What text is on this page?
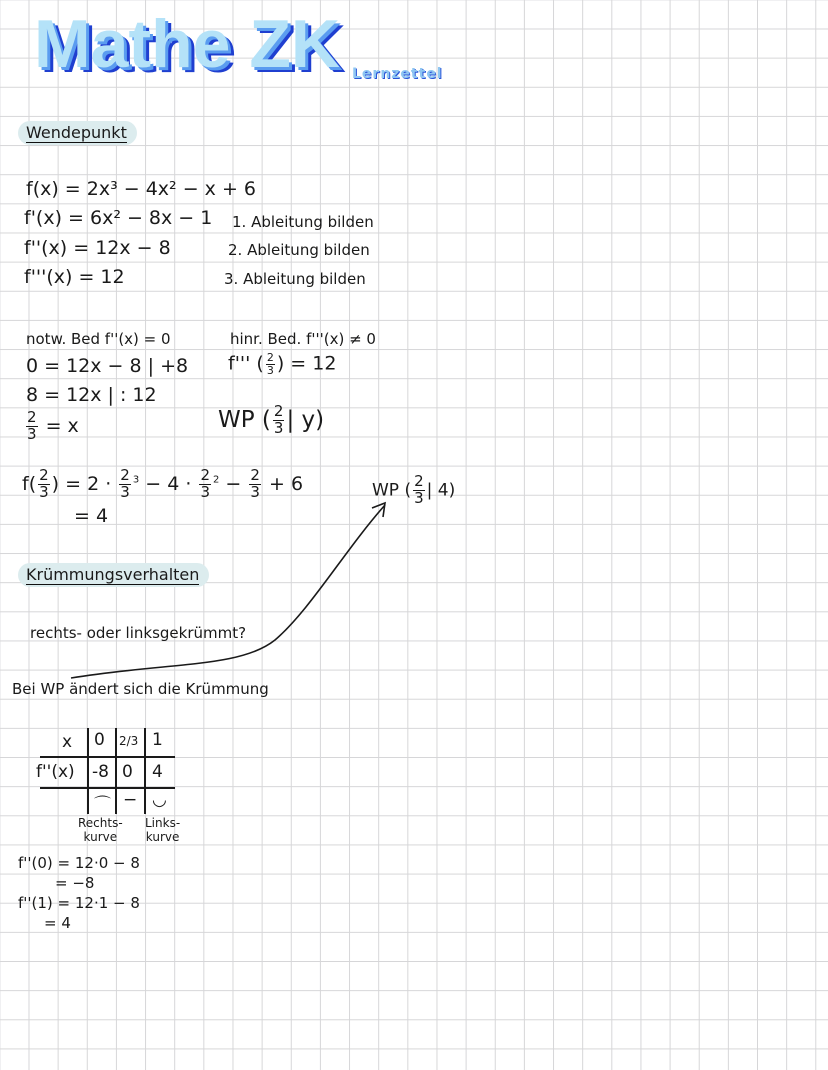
Mathe ZK Lernzettel
Wendepunkt
f(x) = 2x³ − 4x² − x + 6
f'(x) = 6x² − 8x − 1
f''(x) = 12x − 8
f'''(x) = 12
1. Ableitung bilden
2. Ableitung bilden
3. Ableitung bilden
notw. Bed f''(x) = 0
0 = 12x − 8 | +8
8 = 12x | : 12
$\frac{2}{3} = x$
hinr. Bed. f'''(x) ≠ 0
f''' ( $\frac{2}{3}$ ) = 12
WP ( $\frac{2}{3}$ | y)
$f( \frac{2}{3}$ ) = $2 \cdot \frac{2}{3} ^3 - 4 \cdot \frac{2}{3} ^2 - \frac{2}{3} + 6$
= 4
WP ( $\frac{2}{3}$ | 4)
Krümmungsverhalten
rechts- oder linksgekrümmt?
Bei WP ändert sich die Krümmung
x 0 2/3 1
f''(x) -8 0 4
⌒ − ◡
Rechts-
kurve
Links-
kurve
f''(0) = 12·0 − 8
= −8
f''(1) = 12·1 − 8
= 4
